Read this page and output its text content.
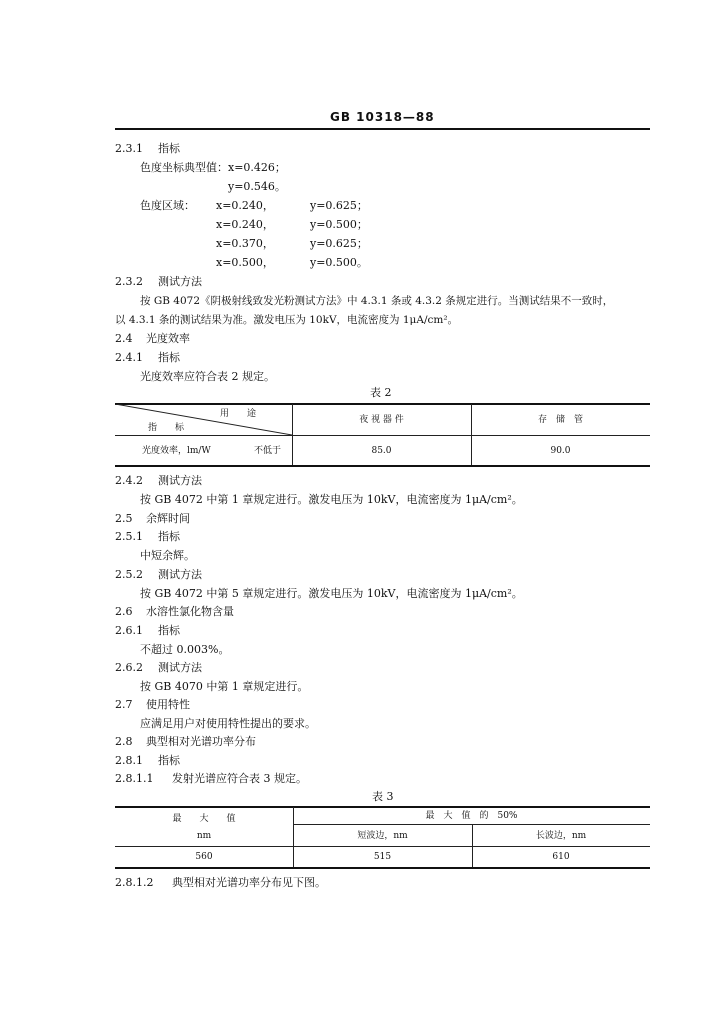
GB 10318—88
2.3.1 指标
色度坐标典型值：x=0.426；
y=0.546。
色度区域： x=0.240，	y=0.625；
x=0.240，	y=0.500；
x=0.370，	y=0.625；
x=0.500，	y=0.500。
2.3.2 测试方法
按 GB 4072《阴极射线致发光粉测试方法》中 4.3.1 条或 4.3.2 条规定进行。当测试结果不一致时，
以 4.3.1 条的测试结果为准。激发电压为 10kV，电流密度为 1μA/cm²。
2.4 光度效率
2.4.1 指标
光度效率应符合表 2 规定。
表 2
用　　途
指　　标
夜 视 器 件	存　储　管
光度效率，lm/W	不低于	85.0	90.0
2.4.2 测试方法
按 GB 4072 中第 1 章规定进行。激发电压为 10kV，电流密度为 1μA/cm²。
2.5 余辉时间
2.5.1 指标
中短余辉。
2.5.2 测试方法
按 GB 4072 中第 5 章规定进行。激发电压为 10kV，电流密度为 1μA/cm²。
2.6 水溶性氯化物含量
2.6.1 指标
不超过 0.003%。
2.6.2 测试方法
按 GB 4070 中第 1 章规定进行。
2.7 使用特性
应满足用户对使用特性提出的要求。
2.8 典型相对光谱功率分布
2.8.1 指标
2.8.1.1 发射光谱应符合表 3 规定。
表 3
最　　大　　值
nm
最　大　值　的　50%
短波边，nm	长波边，nm
560	515	610
2.8.1.2 典型相对光谱功率分布见下图。
